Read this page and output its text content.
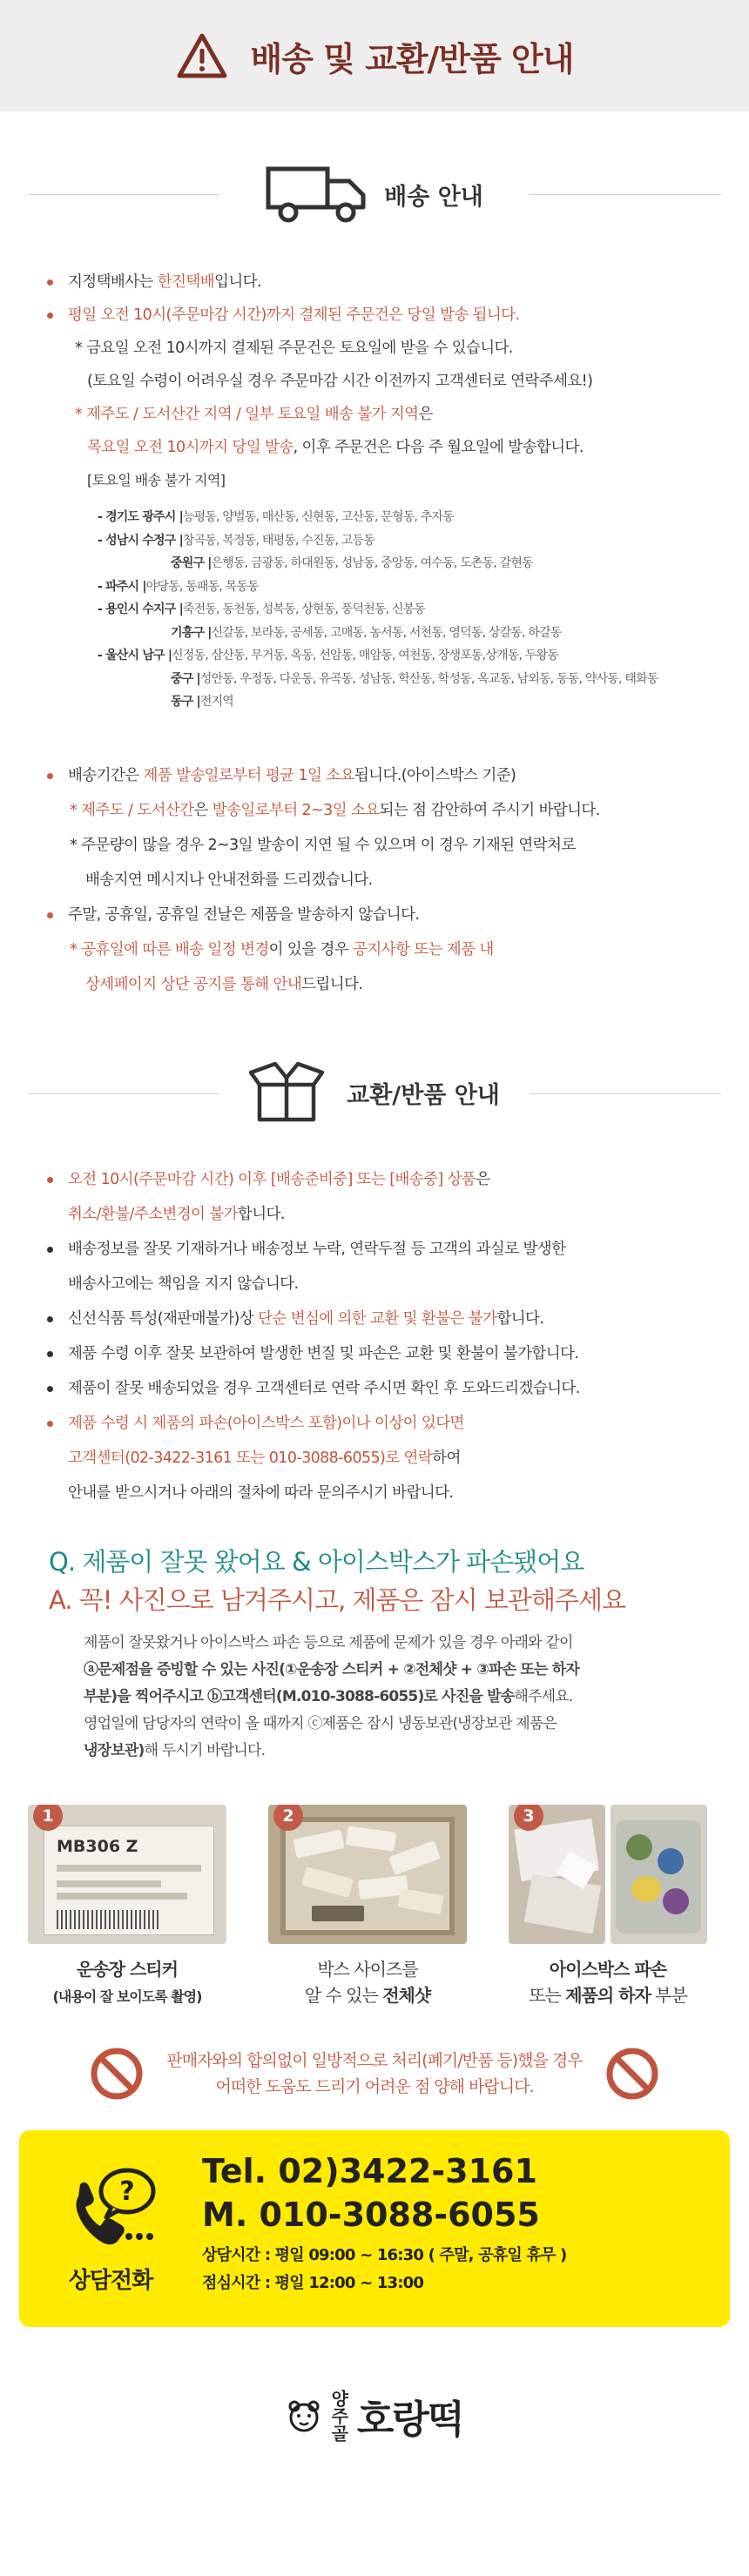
배송 및 교환/반품 안내
배송 안내
지정택배사는 한진택배입니다.
평일 오전 10시(주문마감 시간)까지 결제된 주문건은 당일 발송 됩니다.
* 금요일 오전 10시까지 결제된 주문건은 토요일에 받을 수 있습니다.
(토요일 수령이 어려우실 경우 주문마감 시간 이전까지 고객센터로 연락주세요!)
* 제주도 / 도서산간 지역 / 일부 토요일 배송 불가 지역은
목요일 오전 10시까지 당일 발송, 이후 주문건은 다음 주 월요일에 발송합니다.
[토요일 배송 불가 지역]
- 경기도 광주시 |능평동, 양벌동, 매산동, 신현동, 고산동, 문형동, 추자동
- 성남시 수정구 |창곡동, 복정동, 태평동, 수진동, 고등동
중원구 |은행동, 금광동, 하대원동, 성남동, 중앙동, 여수동, 도촌동, 갈현동
- 파주시 |야당동, 동패동, 목동동
- 용인시 수지구 |죽전동, 동천동, 성복동, 상현동, 풍덕천동, 신봉동
기흥구 |신갈동, 보라동, 공세동, 고매동, 농서동, 서천동, 영덕동, 상갈동, 하갈동
- 울산시 남구 |신정동, 삼산동, 무거동, 옥동, 선암동, 매암동, 여천동, 장생포동,상개동, 두왕동
중구 |성안동, 우정동, 다운동, 유곡동, 성남동, 학산동, 학성동, 옥교동, 남외동, 동동, 약사동, 태화동
동구 |전지역
배송기간은 제품 발송일로부터 평균 1일 소요됩니다.(아이스박스 기준)
* 제주도 / 도서산간은 발송일로부터 2~3일 소요되는 점 감안하여 주시기 바랍니다.
* 주문량이 많을 경우 2~3일 발송이 지연 될 수 있으며 이 경우 기재된 연락처로
배송지연 메시지나 안내전화를 드리겠습니다.
주말, 공휴일, 공휴일 전날은 제품을 발송하지 않습니다.
* 공휴일에 따른 배송 일정 변경이 있을 경우 공지사항 또는 제품 내
상세페이지 상단 공지를 통해 안내드립니다.
교환/반품 안내
오전 10시(주문마감 시간) 이후 [배송준비중] 또는 [배송중] 상품은
취소/환불/주소변경이 불가합니다.
배송정보를 잘못 기재하거나 배송정보 누락, 연락두절 등 고객의 과실로 발생한
배송사고에는 책임을 지지 않습니다.
신선식품 특성(재판매불가)상 단순 변심에 의한 교환 및 환불은 불가합니다.
제품 수령 이후 잘못 보관하여 발생한 변질 및 파손은 교환 및 환불이 불가합니다.
제품이 잘못 배송되었을 경우 고객센터로 연락 주시면 확인 후 도와드리겠습니다.
제품 수령 시 제품의 파손(아이스박스 포함)이나 이상이 있다면
고객센터(02-3422-3161 또는 010-3088-6055)로 연락하여
안내를 받으시거나 아래의 절차에 따라 문의주시기 바랍니다.
Q. 제품이 잘못 왔어요 & 아이스박스가 파손됐어요
A. 꼭! 사진으로 남겨주시고, 제품은 잠시 보관해주세요

제품이 잘못왔거나 아이스박스 파손 등으로 제품에 문제가 있을 경우 아래와 같이

ⓐ문제점을 증빙할 수 있는 사진(①운송장 스티커 + ②전체샷 + ③파손 또는 하자

부분)을 찍어주시고 ⓑ고객센터(M.010-3088-6055)로 사진을 발송해주세요.

영업일에 담당자의 연락이 올 때까지 ⓒ제품은 잠시 냉동보관(냉장보관 제품은

냉장보관)해 두시기 바랍니다.

1
MB306 Z
운송장 스티커
(내용이 잘 보이도록 촬영)
2
박스 사이즈를
알 수 있는 전체샷
3
아이스박스 파손
또는 제품의 하자 부분
판매자와의 합의없이 일방적으로 처리(폐기/반품 등)했을 경우
어떠한 도움도 드리기 어려운 점 양해 바랍니다.
?
상담전화
Tel. 02)3422-3161
M. 010-3088-6055
상담시간 : 평일 09:00 ~ 16:30 ( 주말, 공휴일 휴무 )
점심시간 : 평일 12:00 ~ 13:00
양주골 호랑떡
